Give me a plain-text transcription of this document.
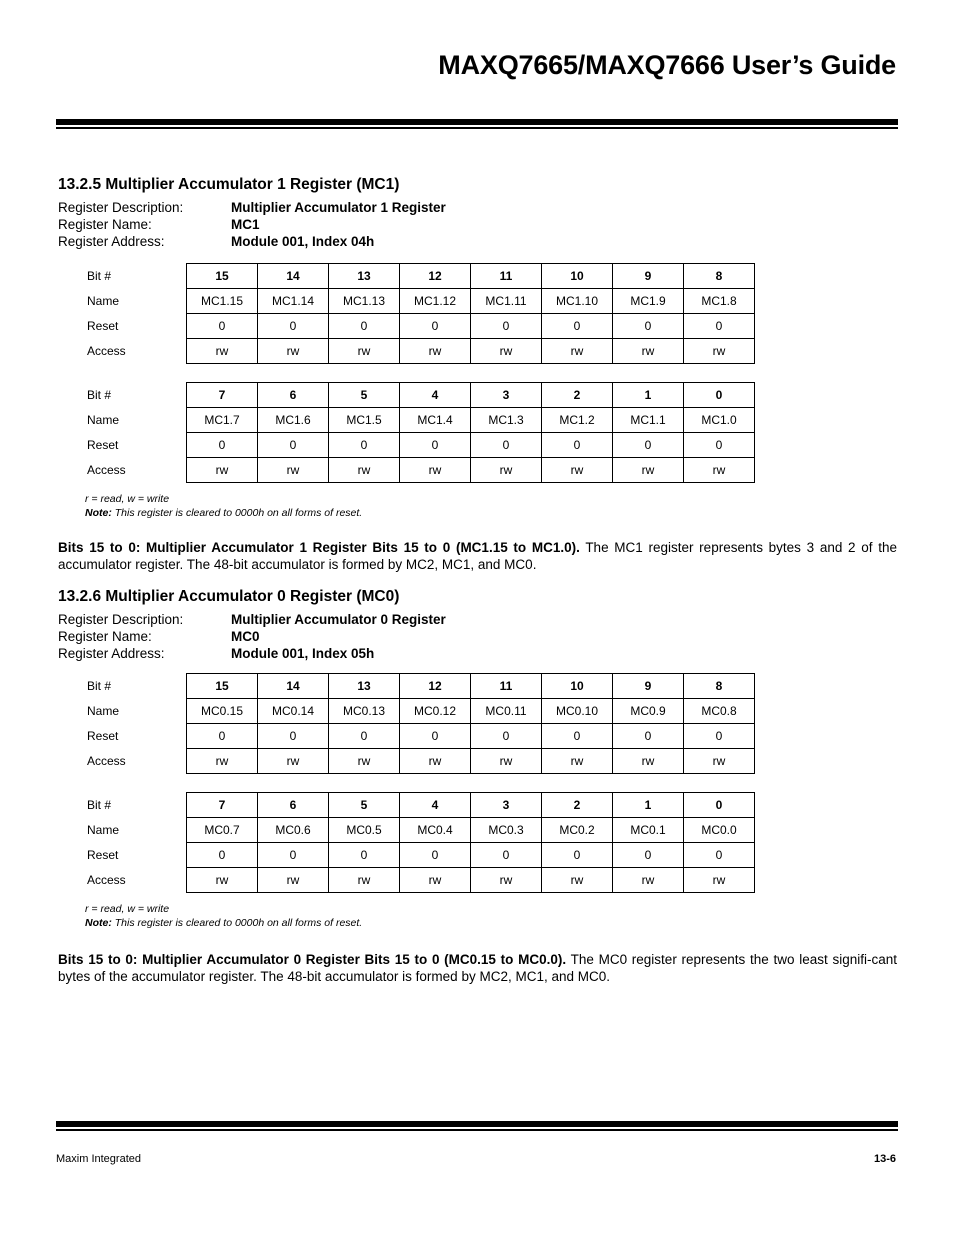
MAXQ7665/MAXQ7666 User’s Guide
13.2.5 Multiplier Accumulator 1 Register (MC1)
Register Description:	Multiplier Accumulator 1 Register
Register Name:	MC1
Register Address:	Module 001, Index 04h
Bit #	15	14	13	12	11	10	9	8
Name	MC1.15	MC1.14	MC1.13	MC1.12	MC1.11	MC1.10	MC1.9	MC1.8
Reset	0	0	0	0	0	0	0	0
Access	rw	rw	rw	rw	rw	rw	rw	rw
Bit #	7	6	5	4	3	2	1	0
Name	MC1.7	MC1.6	MC1.5	MC1.4	MC1.3	MC1.2	MC1.1	MC1.0
Reset	0	0	0	0	0	0	0	0
Access	rw	rw	rw	rw	rw	rw	rw	rw
r = read, w = write
Note: This register is cleared to 0000h on all forms of reset.

Bits 15 to 0: Multiplier Accumulator 1 Register Bits 15 to 0 (MC1.15 to MC1.0). The MC1 register represents bytes 3 and 2 of the accumulator register. The 48-bit accumulator is formed by MC2, MC1, and MC0.

13.2.6 Multiplier Accumulator 0 Register (MC0)
Register Description:	Multiplier Accumulator 0 Register
Register Name:	MC0
Register Address:	Module 001, Index 05h
Bit #	15	14	13	12	11	10	9	8
Name	MC0.15	MC0.14	MC0.13	MC0.12	MC0.11	MC0.10	MC0.9	MC0.8
Reset	0	0	0	0	0	0	0	0
Access	rw	rw	rw	rw	rw	rw	rw	rw
Bit #	7	6	5	4	3	2	1	0
Name	MC0.7	MC0.6	MC0.5	MC0.4	MC0.3	MC0.2	MC0.1	MC0.0
Reset	0	0	0	0	0	0	0	0
Access	rw	rw	rw	rw	rw	rw	rw	rw
r = read, w = write
Note: This register is cleared to 0000h on all forms of reset.

Bits 15 to 0: Multiplier Accumulator 0 Register Bits 15 to 0 (MC0.15 to MC0.0). The MC0 register represents the two least signifi-cant bytes of the accumulator register. The 48-bit accumulator is formed by MC2, MC1, and MC0.

Maxim Integrated	13-6
